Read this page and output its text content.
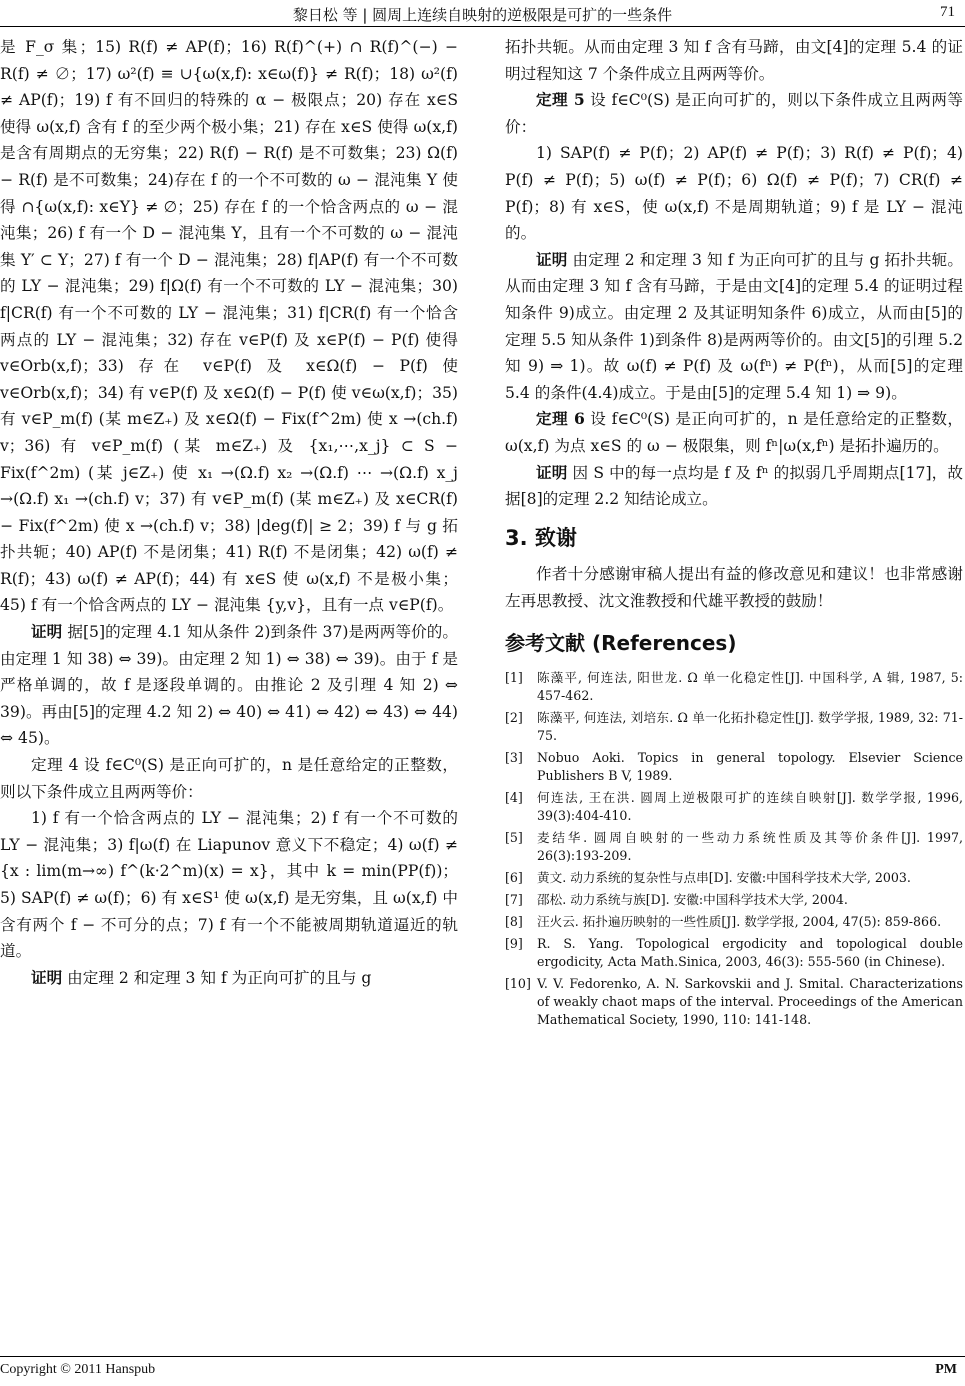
黎日松 等 | 圆周上连续自映射的逆极限是可扩的一些条件	71

是 F_σ 集；15) R(f) ≠ AP(f)；16) R(f)^(+) ∩ R(f)^(−) − R(f) ≠ ∅；17) ω²(f) ≡ ∪{ω(x,f): x∈ω(f)} ≠ R(f)；18) ω²(f) ≠ AP(f)；19) f 有不回归的特殊的 α − 极限点；20) 存在 x∈S 使得 ω(x,f) 含有 f 的至少两个极小集；21) 存在 x∈S 使得 ω(x,f) 是含有周期点的无穷集；22) R(f) − R(f) 是不可数集；23) Ω(f) − R(f) 是不可数集；24)存在 f 的一个不可数的 ω − 混沌集 Y 使得 ∩{ω(x,f): x∈Y} ≠ ∅；25) 存在 f 的一个恰含两点的 ω − 混沌集；26) f 有一个 D − 混沌集 Y，且有一个不可数的 ω − 混沌集 Y′ ⊂ Y；27) f 有一个 D − 混沌集；28) f|AP(f) 有一个不可数的 LY − 混沌集；29) f|Ω(f) 有一个不可数的 LY − 混沌集；30) f|CR(f) 有一个不可数的 LY − 混沌集；31) f|CR(f) 有一个恰含两点的 LY − 混沌集；32) 存在 v∈P(f) 及 x∈P(f) − P(f) 使得 v∈Orb(x,f)；33) 存在 v∈P(f) 及 x∈Ω(f) − P(f) 使 v∈Orb(x,f)；34) 有 v∈P(f) 及 x∈Ω(f) − P(f) 使 v∈ω(x,f)；35) 有 v∈P_m(f) (某 m∈Z₊) 及 x∈Ω(f) − Fix(f^2m) 使 x →(ch.f) v；36) 有 v∈P_m(f) (某 m∈Z₊) 及 {x₁,⋯,x_j} ⊂ S − Fix(f^2m) (某 j∈Z₊) 使 x₁ →(Ω.f) x₂ →(Ω.f) ⋯ →(Ω.f) x_j →(Ω.f) x₁ →(ch.f) v；37) 有 v∈P_m(f) (某 m∈Z₊) 及 x∈CR(f) − Fix(f^2m) 使 x →(ch.f) v；38) |deg(f)| ≥ 2；39) f 与 g 拓扑共轭；40) AP(f) 不是闭集；41) R(f) 不是闭集；42) ω(f) ≠ R(f)；43) ω(f) ≠ AP(f)；44) 有 x∈S 使 ω(x,f) 不是极小集；45) f 有一个恰含两点的 LY − 混沌集 {y,v}，且有一点 v∈P(f)。

证明 据[5]的定理 4.1 知从条件 2)到条件 37)是两两等价的。由定理 1 知 38) ⇔ 39)。由定理 2 知 1) ⇔ 38) ⇔ 39)。由于 f 是严格单调的，故 f 是逐段单调的。由推论 2 及引理 4 知 2) ⇔ 39)。再由[5]的定理 4.2 知 2) ⇔ 40) ⇔ 41) ⇔ 42) ⇔ 43) ⇔ 44) ⇔ 45)。

定理 4 设 f∈C⁰(S) 是正向可扩的，n 是任意给定的正整数，则以下条件成立且两两等价：

1) f 有一个恰含两点的 LY − 混沌集；2) f 有一个不可数的 LY − 混沌集；3) f|ω(f) 在 Liapunov 意义下不稳定；4) ω(f) ≠ {x : lim(m→∞) f^(k·2^m)(x) = x}，其中 k = min(PP(f))；5) SAP(f) ≠ ω(f)；6) 有 x∈S¹ 使 ω(x,f) 是无穷集，且 ω(x,f) 中含有两个 f − 不可分的点；7) f 有一个不能被周期轨道逼近的轨道。

证明 由定理 2 和定理 3 知 f 为正向可扩的且与 g

拓扑共轭。从而由定理 3 知 f 含有马蹄，由文[4]的定理 5.4 的证明过程知这 7 个条件成立且两两等价。

定理 5 设 f∈C⁰(S) 是正向可扩的，则以下条件成立且两两等价：

1) SAP(f) ≠ P(f)；2) AP(f) ≠ P(f)；3) R(f) ≠ P(f)；4) P(f) ≠ P(f)；5) ω(f) ≠ P(f)；6) Ω(f) ≠ P(f)；7) CR(f) ≠ P(f)；8) 有 x∈S，使 ω(x,f) 不是周期轨道；9) f 是 LY − 混沌的。

证明 由定理 2 和定理 3 知 f 为正向可扩的且与 g 拓扑共轭。从而由定理 3 知 f 含有马蹄，于是由文[4]的定理 5.4 的证明过程知条件 9)成立。由定理 2 及其证明知条件 6)成立，从而由[5]的定理 5.5 知从条件 1)到条件 8)是两两等价的。由文[5]的引理 5.2 知 9) ⇒ 1)。故 ω(f) ≠ P(f) 及 ω(fⁿ) ≠ P(fⁿ)，从而[5]的定理 5.4 的条件(4.4)成立。于是由[5]的定理 5.4 知 1) ⇒ 9)。

定理 6 设 f∈C⁰(S) 是正向可扩的，n 是任意给定的正整数，ω(x,f) 为点 x∈S 的 ω − 极限集，则 fⁿ|ω(x,fⁿ) 是拓扑遍历的。

证明 因 S 中的每一点均是 f 及 fⁿ 的拟弱几乎周期点[17]，故据[8]的定理 2.2 知结论成立。

3. 致谢

作者十分感谢审稿人提出有益的修改意见和建议！也非常感谢左再思教授、沈文淮教授和代雄平教授的鼓励！

参考文献 (References)
[1]	陈藻平, 何连法, 阳世龙. Ω 单一化稳定性[J]. 中国科学, A 辑, 1987, 5: 457-462.
[2]	陈藻平, 何连法, 刘培东. Ω 单一化拓扑稳定性[J]. 数学学报, 1989, 32: 71-75.
[3]	Nobuo Aoki. Topics in general topology. Elsevier Science Publishers B V, 1989.
[4]	何连法, 王在洪. 圆周上逆极限可扩的连续自映射[J]. 数学学报, 1996, 39(3):404-410.
[5]	麦结华. 圆周自映射的一些动力系统性质及其等价条件[J]. 1997, 26(3):193-209.
[6]	黄文. 动力系统的复杂性与点串[D]. 安徽:中国科学技术大学, 2003.
[7]	邵松. 动力系统与族[D]. 安徽:中国科学技术大学, 2004.
[8]	汪火云. 拓扑遍历映射的一些性质[J]. 数学学报, 2004, 47(5): 859-866.
[9]	R. S. Yang. Topological ergodicity and topological double ergodicity, Acta Math.Sinica, 2003, 46(3): 555-560 (in Chinese).
[10] V. V. Fedorenko, A. N. Sarkovskii and J. Smital. Characterizations of weakly chaot maps of the interval. Proceedings of the American Mathematical Society, 1990, 110: 141-148.
Copyright © 2011 Hanspub	PM
